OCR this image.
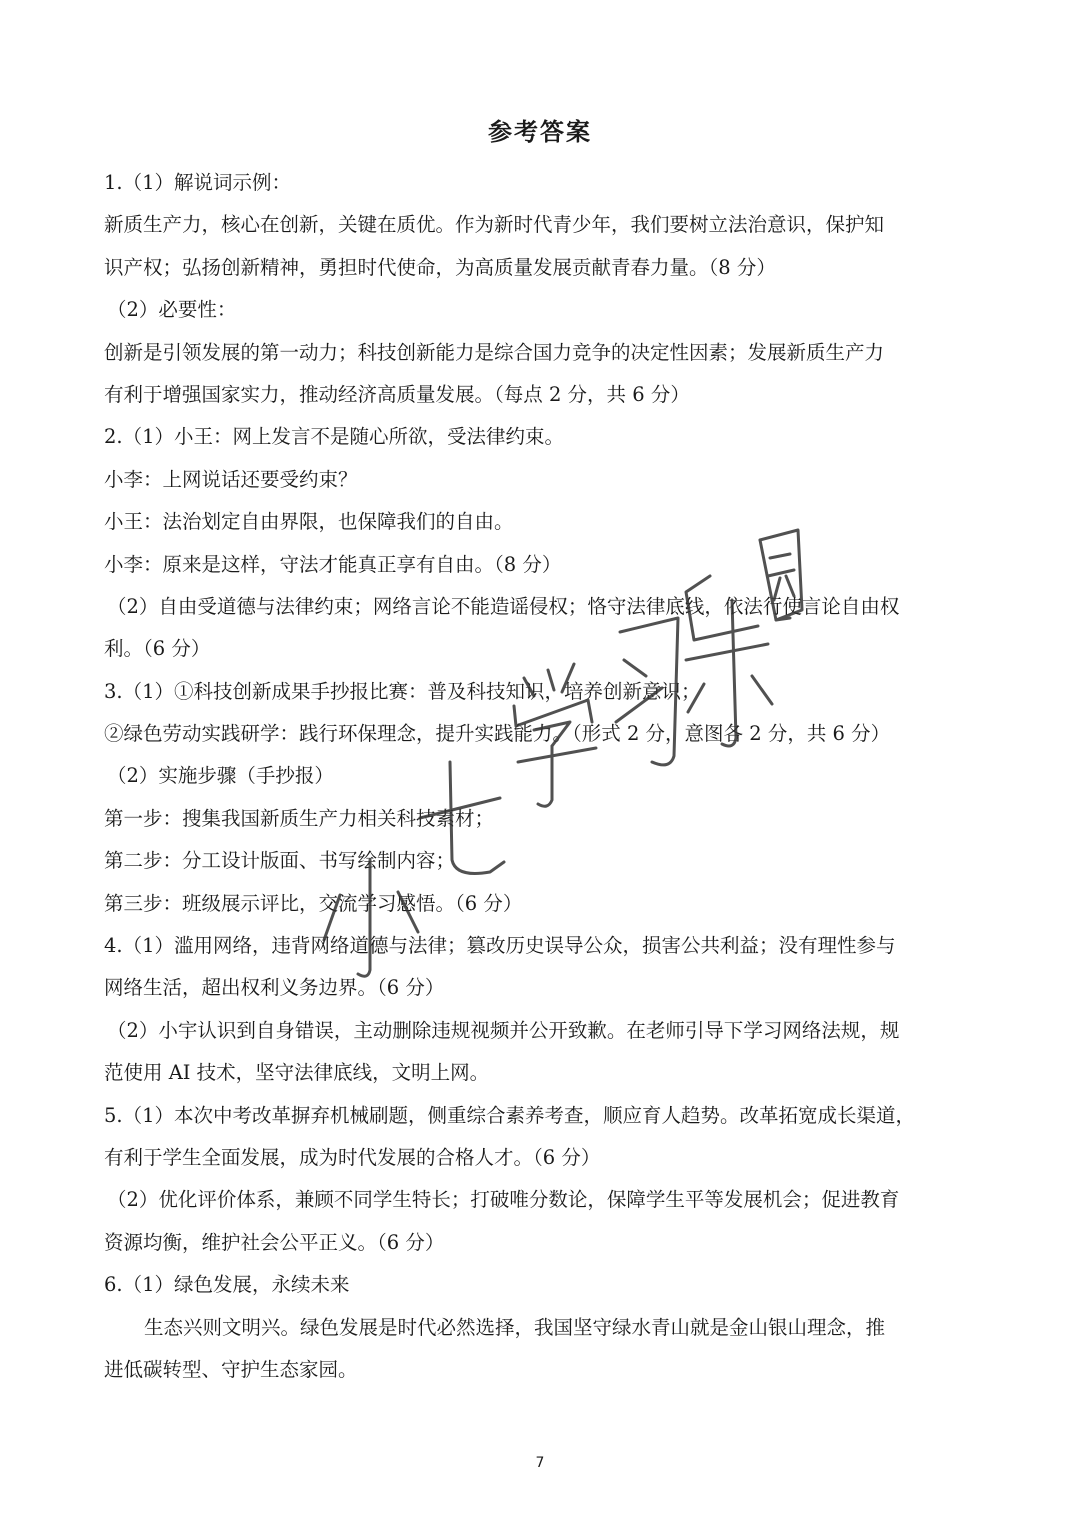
参考答案
1.（1）解说词示例：
新质生产力，核心在创新，关键在质优。作为新时代青少年，我们要树立法治意识，保护知
识产权；弘扬创新精神，勇担时代使命，为高质量发展贡献青春力量。（8 分）
（2）必要性：
创新是引领发展的第一动力；科技创新能力是综合国力竞争的决定性因素；发展新质生产力
有利于增强国家实力，推动经济高质量发展。（每点 2 分，共 6 分）
2.（1）小王：网上发言不是随心所欲，受法律约束。
小李：上网说话还要受约束？
小王：法治划定自由界限，也保障我们的自由。
小李：原来是这样，守法才能真正享有自由。（8 分）
（2）自由受道德与法律约束；网络言论不能造谣侵权；恪守法律底线，依法行使言论自由权
利。（6 分）
3.（1）①科技创新成果手抄报比赛：普及科技知识，培养创新意识；
②绿色劳动实践研学：践行环保理念，提升实践能力。（形式 2 分，意图各 2 分，共 6 分）
（2）实施步骤（手抄报）
第一步：搜集我国新质生产力相关科技素材；
第二步：分工设计版面、书写绘制内容；
第三步：班级展示评比，交流学习感悟。（6 分）
4.（1）滥用网络，违背网络道德与法律；篡改历史误导公众，损害公共利益；没有理性参与
网络生活，超出权利义务边界。（6 分）
（2）小宇认识到自身错误，主动删除违规视频并公开致歉。在老师引导下学习网络法规，规
范使用 AI 技术，坚守法律底线，文明上网。
5.（1）本次中考改革摒弃机械刷题，侧重综合素养考查，顺应育人趋势。改革拓宽成长渠道，
有利于学生全面发展，成为时代发展的合格人才。（6 分）
（2）优化评价体系，兼顾不同学生特长；打破唯分数论，保障学生平等发展机会；促进教育
资源均衡，维护社会公平正义。（6 分）
6.（1）绿色发展，永续未来
生态兴则文明兴。绿色发展是时代必然选择，我国坚守绿水青山就是金山银山理念，推
进低碳转型、守护生态家园。
7
